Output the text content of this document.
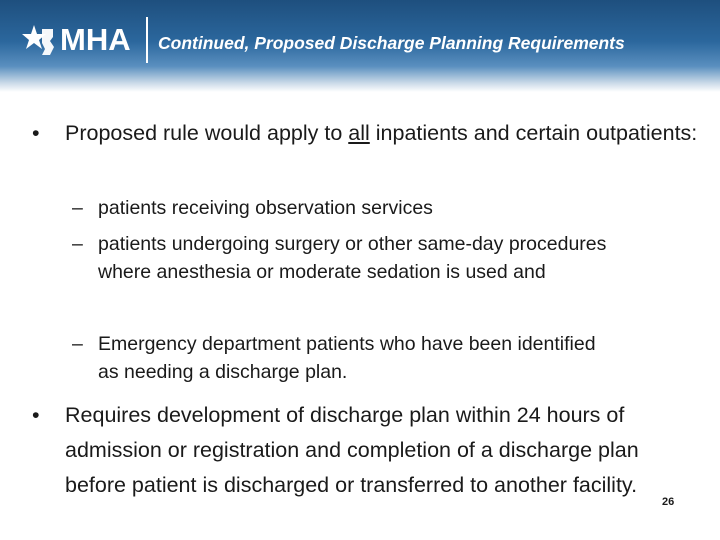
MHA Continued, Proposed Discharge Planning Requirements
• Proposed rule would apply to all inpatients and certain outpatients:
– patients receiving observation services
– patients undergoing surgery or other same-day procedures where anesthesia or moderate sedation is used and
– Emergency department patients who have been identified as needing a discharge plan.
• Requires development of discharge plan within 24 hours of admission or registration and completion of a discharge plan before patient is discharged or transferred to another facility.
26
